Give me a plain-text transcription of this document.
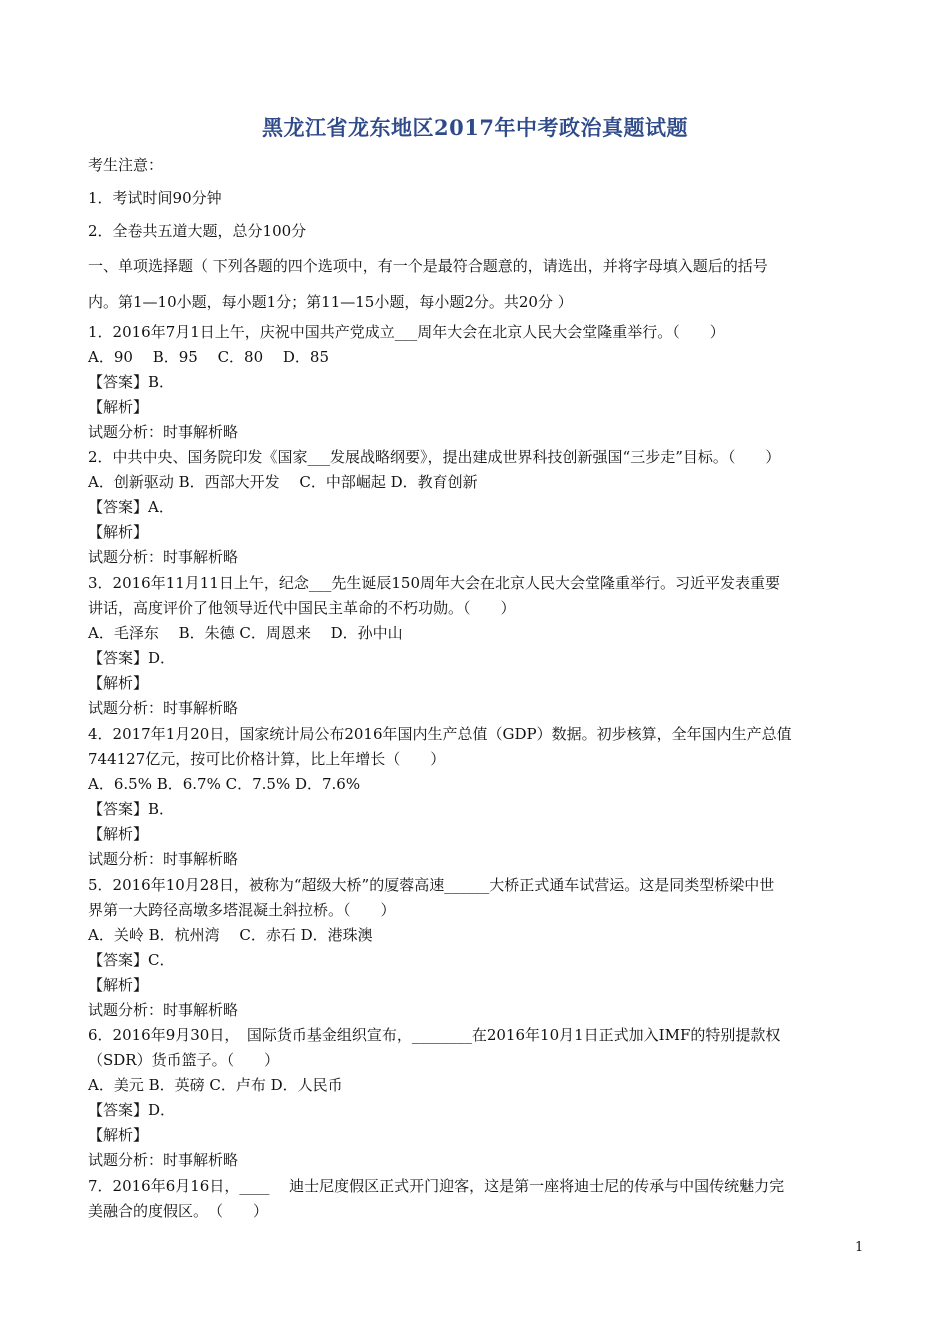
黑龙江省龙东地区2017年中考政治真题试题
考生注意：
1．考试时间90分钟
2．全卷共五道大题，总分100分
一、单项选择题（ 下列各题的四个选项中，有一个是最符合题意的，请选出，并将字母填入题后的括号
内。第1—10小题，每小题1分；第11—15小题，每小题2分。共20分 ）
1．2016年7月1日上午，庆祝中国共产党成立___周年大会在北京人民大会堂隆重举行。（　　）
A．90　 B．95　 C．80　 D．85
【答案】B．
【解析】
试题分析：时事解析略
2．中共中央、国务院印发《国家___发展战略纲要》，提出建成世界科技创新强国“三步走”目标。（　　）
A．创新驱动 B．西部大开发　 C．中部崛起 D．教育创新
【答案】A．
【解析】
试题分析：时事解析略
3．2016年11月11日上午，纪念___先生诞辰150周年大会在北京人民大会堂隆重举行。习近平发表重要
讲话，高度评价了他领导近代中国民主革命的不朽功勋。（　　）
A．毛泽东　 B．朱德 C．周恩来　 D．孙中山
【答案】D．
【解析】
试题分析：时事解析略
4．2017年1月20日，国家统计局公布2016年国内生产总值（GDP）数据。初步核算，全年国内生产总值
744127亿元，按可比价格计算，比上年增长（　　）
A．6.5% B．6.7% C．7.5% D．7.6%
【答案】B．
【解析】
试题分析：时事解析略
5．2016年10月28日，被称为“超级大桥”的厦蓉高速______大桥正式通车试营运。这是同类型桥梁中世
界第一大跨径高墩多塔混凝土斜拉桥。（　　）
A．关岭 B．杭州湾　 C．赤石 D．港珠澳
【答案】C．
【解析】
试题分析：时事解析略
6．2016年9月30日，　国际货币基金组织宣布，________在2016年10月1日正式加入IMF的特别提款权
（SDR）货币篮子。（　　）
A．美元 B．英磅 C．卢布 D．人民币
【答案】D．
【解析】
试题分析：时事解析略
7．2016年6月16日，____　 迪士尼度假区正式开门迎客，这是第一座将迪士尼的传承与中国传统魅力完
美融合的度假区。　（　　）
1
